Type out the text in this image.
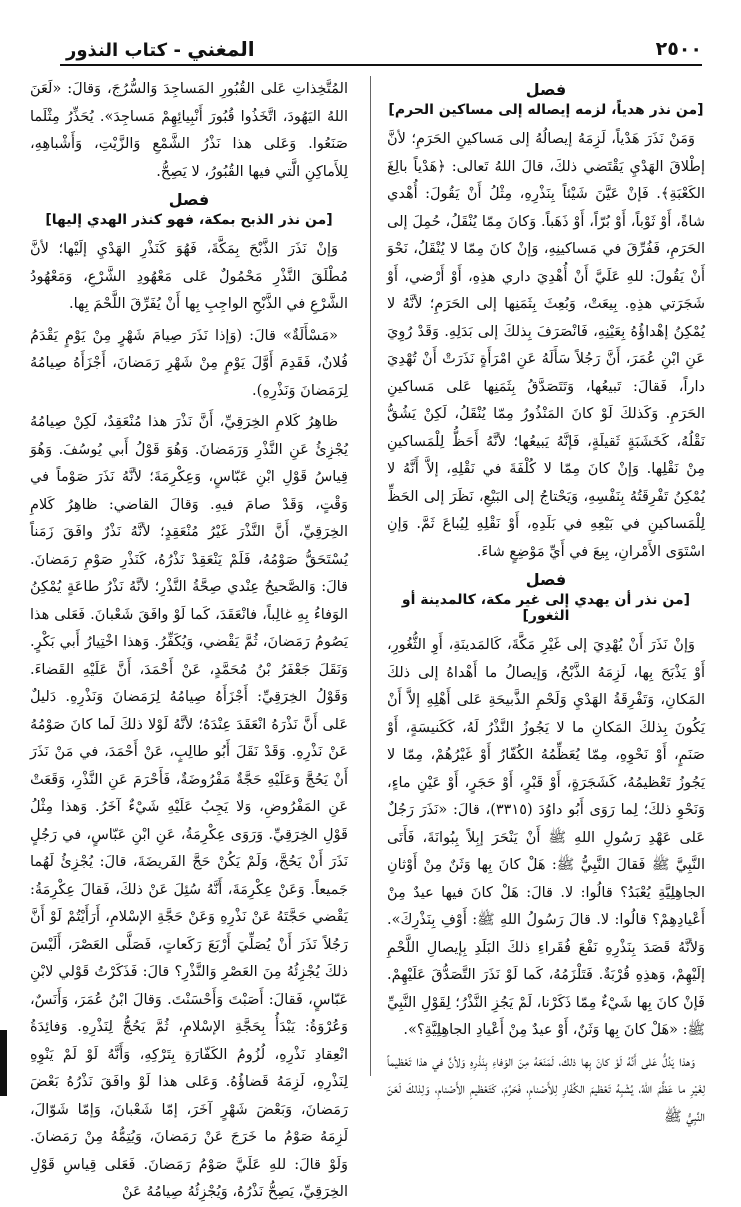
٢٥٠٠
المغني - كتاب النذور
فصل
[من نذر هدياً، لزمه إيصاله إلى مساكين الحرم]

وَمَنْ نَذَرَ هَدْياً، لَزِمَهُ إيصالُهُ إلى مَساكينِ الحَرَمِ؛ لأنَّ إطْلاقَ الهَدْيِ يَقْتَضي ذلكَ، قالَ اللهُ تَعالى: ﴿هَدْياً بالِغَ الكَعْبَةِ﴾. فَإنْ عَيَّنَ شَيْئاً بِنَذْرِهِ، مِثْلُ أَنْ يَقُولَ: أُهْدي شاةً، أَوْ ثَوْباً، أَوْ بُرّاً، أَوْ ذَهَباً. وَكانَ مِمّا يُنْقَلُ، حُمِلَ إلى الحَرَمِ، فَفُرِّقَ في مَساكينِهِ، وَإنْ كانَ مِمّا لا يُنْقَلُ، نَحْوَ أَنْ يَقُولَ: للهِ عَلَيَّ أَنْ أُهْدِيَ داري هذِهِ، أَوْ أَرْضي، أَوْ شَجَرَتي هذِهِ. بِيعَتْ، وَبُعِثَ بِثَمَنِها إلى الحَرَمِ؛ لأنَّهُ لا يُمْكِنُ إهْداؤُهُ بِعَيْنِهِ، فَانْصَرَفَ بِذلكَ إلى بَدَلِهِ. وَقَدْ رُوِيَ عَنِ ابْنِ عُمَرَ، أَنَّ رَجُلاً سَأَلَهُ عَنِ امْرَأَةٍ نَذَرَتْ أَنْ تُهْدِيَ داراً، فَقالَ: تَبيعُها، وَتَتَصَدَّقُ بِثَمَنِها عَلى مَساكينِ الحَرَمِ. وَكَذلكَ لَوْ كانَ المَنْذُورُ مِمّا يُنْقَلُ، لَكِنْ يَشُقُّ نَقْلُهُ، كَخَشَبَةٍ ثَقيلَةٍ، فَإنَّهُ يَبيعُها؛ لأنَّهُ أَحَظُّ لِلْمَساكينِ مِنْ نَقْلِها. وَإنْ كانَ مِمّا لا كُلْفَةَ في نَقْلِهِ، إلاَّ أَنَّهُ لا يُمْكِنُ تَفْرِقَتُهُ بِنَفْسِهِ، وَيَحْتاجُ إلى البَيْعِ، نَظَرَ إلى الحَظِّ لِلْمَساكينِ في بَيْعِهِ في بَلَدِهِ، أَوْ نَقْلِهِ لِيُباعَ ثَمَّ. وَإنِ اسْتَوَى الأَمْرانِ، بِيعَ في أَيِّ مَوْضِعٍ شاءَ.

فصل
[من نذر أن يهدي إلى غير مكة، كالمدينة أو الثغور]

وَإنْ نَذَرَ أَنْ يُهْدِيَ إلى غَيْرِ مَكَّةَ، كَالمَدينَةِ، أَوِ الثُّغُورِ، أَوْ يَذْبَحَ بِها، لَزِمَهُ الذَّبْحُ، وَإيصالُ ما أَهْداهُ إلى ذلكَ المَكانِ، وَتَفْرِقَةُ الهَدْيِ وَلَحْمِ الذَّبيحَةِ عَلى أَهْلِهِ إلاَّ أَنْ يَكُونَ بِذلكَ المَكانِ ما لا يَجُوزُ النَّذْرُ لَهُ، كَكَنيسَةٍ، أَوْ صَنَمٍ، أَوْ نَحْوِهِ، مِمّا يُعَظِّمُهُ الكُفّارُ أَوْ غَيْرُهُمْ، مِمّا لا يَجُوزُ تَعْظيمُهُ، كَشَجَرَةٍ، أَوْ قَبْرٍ، أَوْ حَجَرٍ، أَوْ عَيْنِ ماءٍ، وَنَحْوِ ذلكَ؛ لِما رَوَى أَبُو داوُدَ (٣٣١٥)، قالَ: «نَذَرَ رَجُلٌ عَلى عَهْدِ رَسُولِ اللهِ ﷺ أَنْ يَنْحَرَ إبِلاً بِبُوانَةَ، فَأَتَى النَّبِيَّ ﷺ فَقالَ النَّبِيُّ ﷺ: هَلْ كانَ بِها وَثَنٌ مِنْ أَوْثانِ الجاهِلِيَّةِ يُعْبَدُ؟ قالُوا: لا. قالَ: هَلْ كانَ فيها عيدٌ مِنْ أَعْيادِهِمْ؟ قالُوا: لا. قالَ رَسُولُ اللهِ ﷺ: أَوْفِ بِنَذْرِكَ». وَلأنَّهُ قَصَدَ بِنَذْرِهِ نَفْعَ فُقَراءِ ذلكَ البَلَدِ بِإيصالِ اللَّحْمِ إلَيْهِمْ، وَهذِهِ قُرْبَةٌ. فَتَلْزَمُهُ، كَما لَوْ نَذَرَ التَّصَدُّقَ عَلَيْهِمْ. فَإنْ كانَ بِها شَيْءٌ مِمّا ذَكَرْنا، لَمْ يَجُزِ النَّذْرُ؛ لِقَوْلِ النَّبِيِّ ﷺ: «هَلْ كانَ بِها وَثَنٌ، أَوْ عيدٌ مِنْ أَعْيادِ الجاهِلِيَّةِ؟».

وَهذا يَدُلُّ عَلى أَنَّهُ لَوْ كانَ بِها ذلكَ، لَمَنَعَهُ مِنَ الوَفاءِ بِنَذْرِهِ وَلأنَّ في هذا تَعْظيماً لِغَيْرِ ما عَظَّمَ اللهُ، يُشْبِهُ تَعْظيمَ الكُفّارِ لِلأَصْنامِ، فَحَرُمَ، كَتَعْظيمِ الأَصْنامِ، وَلِذلكَ لَعَنَ النَّبِيُّ ﷺ

المُتَّخِذاتِ عَلى القُبُورِ المَساجِدَ وَالسُّرُجَ، وَقالَ: «لَعَنَ اللهُ اليَهُودَ، اتَّخَذُوا قُبُورَ أَنْبِيائِهِمْ مَساجِدَ». يُحَذِّرُ مِثْلَما صَنَعُوا. وَعَلى هذا نَذْرُ الشَّمْعِ وَالزَّيْتِ، وَأَشْباهِهِ، لِلأَماكِنِ الَّتي فيها القُبُورُ، لا يَصِحُّ.

فصل
[من نذر الذبح بمكة، فهو كنذر الهدي إليها]

وَإنْ نَذَرَ الذَّبْحَ بِمَكَّةَ، فَهُوَ كَنَذْرِ الهَدْيِ إلَيْها؛ لأنَّ مُطْلَقَ النَّذْرِ مَحْمُولٌ عَلى مَعْهُودِ الشَّرْعِ، وَمَعْهُودُ الشَّرْعِ في الذَّبْحِ الواجِبِ بِها أَنْ يُفَرِّقَ اللَّحْمَ بِها.

«مَسْأَلَةٌ» قالَ: (وَإذا نَذَرَ صِيامَ شَهْرٍ مِنْ يَوْمٍ يَقْدَمُ فُلانٌ، فَقَدِمَ أَوَّلَ يَوْمٍ مِنْ شَهْرِ رَمَضانَ، أَجْزَأَهُ صِيامُهُ لِرَمَضانَ وَنَذْرِهِ).

ظاهِرُ كَلامِ الخِرَقِيِّ، أَنَّ نَذْرَ هذا مُنْعَقِدٌ، لَكِنْ صِيامُهُ يُجْزِئُ عَنِ النَّذْرِ وَرَمَضانَ. وَهُوَ قَوْلُ أَبي يُوسُفَ. وَهُوَ قِياسُ قَوْلِ ابْنِ عَبّاسٍ، وَعِكْرِمَةَ؛ لأنَّهُ نَذَرَ صَوْماً في وَقْتٍ، وَقَدْ صامَ فيهِ. وَقالَ القاضي: ظاهِرُ كَلامِ الخِرَقِيِّ، أَنَّ النَّذْرَ غَيْرُ مُنْعَقِدٍ؛ لأنَّهُ نَذْرٌ وافَقَ زَمَناً يُسْتَحَقُّ صَوْمُهُ، فَلَمْ يَنْعَقِدْ نَذْرُهُ، كَنَذْرِ صَوْمِ رَمَضانَ. قالَ: وَالصَّحيحُ عِنْدي صِحَّةُ النَّذْرِ؛ لأنَّهُ نَذْرُ طاعَةٍ يُمْكِنُ الوَفاءُ بِهِ غالِباً، فانْعَقَدَ، كَما لَوْ وافَقَ شَعْبانَ. فَعَلى هذا يَصُومُ رَمَضانَ، ثُمَّ يَقْضي، وَيُكَفِّرُ. وَهذا اخْتِيارُ أَبي بَكْرٍ. وَنَقَلَ جَعْفَرُ بْنُ مُحَمَّدٍ، عَنْ أَحْمَدَ، أَنَّ عَلَيْهِ القَضاءَ. وَقَوْلُ الخِرَقِيِّ: أَجْزَأَهُ صِيامُهُ لِرَمَضانَ وَنَذْرِهِ. دَليلٌ عَلى أَنَّ نَذْرَهُ انْعَقَدَ عِنْدَهُ؛ لأنَّهُ لَوْلا ذلكَ لَما كانَ صَوْمُهُ عَنْ نَذْرِهِ. وَقَدْ نَقَلَ أَبُو طالِبٍ، عَنْ أَحْمَدَ، في مَنْ نَذَرَ أَنْ يَحُجَّ وَعَلَيْهِ حَجَّةٌ مَفْرُوضَةٌ، فَأَحْرَمَ عَنِ النَّذْرِ، وَقَعَتْ عَنِ المَفْرُوضِ، وَلا يَجِبُ عَلَيْهِ شَيْءٌ آخَرُ. وَهذا مِثْلُ قَوْلِ الخِرَقِيِّ. وَرَوَى عِكْرِمَةُ، عَنِ ابْنِ عَبّاسٍ، في رَجُلٍ نَذَرَ أَنْ يَحُجَّ، وَلَمْ يَكُنْ حَجَّ الفَريضَةَ، قالَ: يُجْزِئُ لَهُما جَميعاً. وَعَنْ عِكْرِمَةَ، أَنَّهُ سُئِلَ عَنْ ذلكَ، فَقالَ عِكْرِمَةُ: يَقْضي حَجَّتَهُ عَنْ نَذْرِهِ وَعَنْ حَجَّةِ الإسْلامِ، أَرَأَيْتُمْ لَوْ أَنَّ رَجُلاً نَذَرَ أَنْ يُصَلِّيَ أَرْبَعَ رَكَعاتٍ، فَصَلَّى العَصْرَ، أَلَيْسَ ذلكَ يُجْزِئُهُ مِنَ العَصْرِ وَالنَّذْرِ؟ قالَ: فَذَكَرْتُ قَوْلي لابْنِ عَبّاسٍ، فَقالَ: أَصَبْتَ وَأَحْسَنْتَ. وَقالَ ابْنُ عُمَرَ، وَأَنَسٌ، وَعُرْوَةُ: يَبْدَأُ بِحَجَّةِ الإسْلامِ، ثُمَّ يَحُجُّ لِنَذْرِهِ. وَفائِدَةُ انْعِقادِ نَذْرِهِ، لُزُومُ الكَفّارَةِ بِتَرْكِهِ، وَأَنَّهُ لَوْ لَمْ يَنْوِهِ لِنَذْرِهِ، لَزِمَهُ قَضاؤُهُ. وَعَلى هذا لَوْ وافَقَ نَذْرُهُ بَعْضَ رَمَضانَ، وَبَعْضَ شَهْرٍ آخَرَ، إمّا شَعْبانَ، وَإمّا شَوّالَ، لَزِمَهُ صَوْمُ ما خَرَجَ عَنْ رَمَضانَ، وَيُتِمُّهُ مِنْ رَمَضانَ. وَلَوْ قالَ: للهِ عَلَيَّ صَوْمُ رَمَضانَ. فَعَلى قِياسِ قَوْلِ الخِرَقِيِّ، يَصِحُّ نَذْرُهُ، وَيُجْزِئُهُ صِيامُهُ عَنْ
